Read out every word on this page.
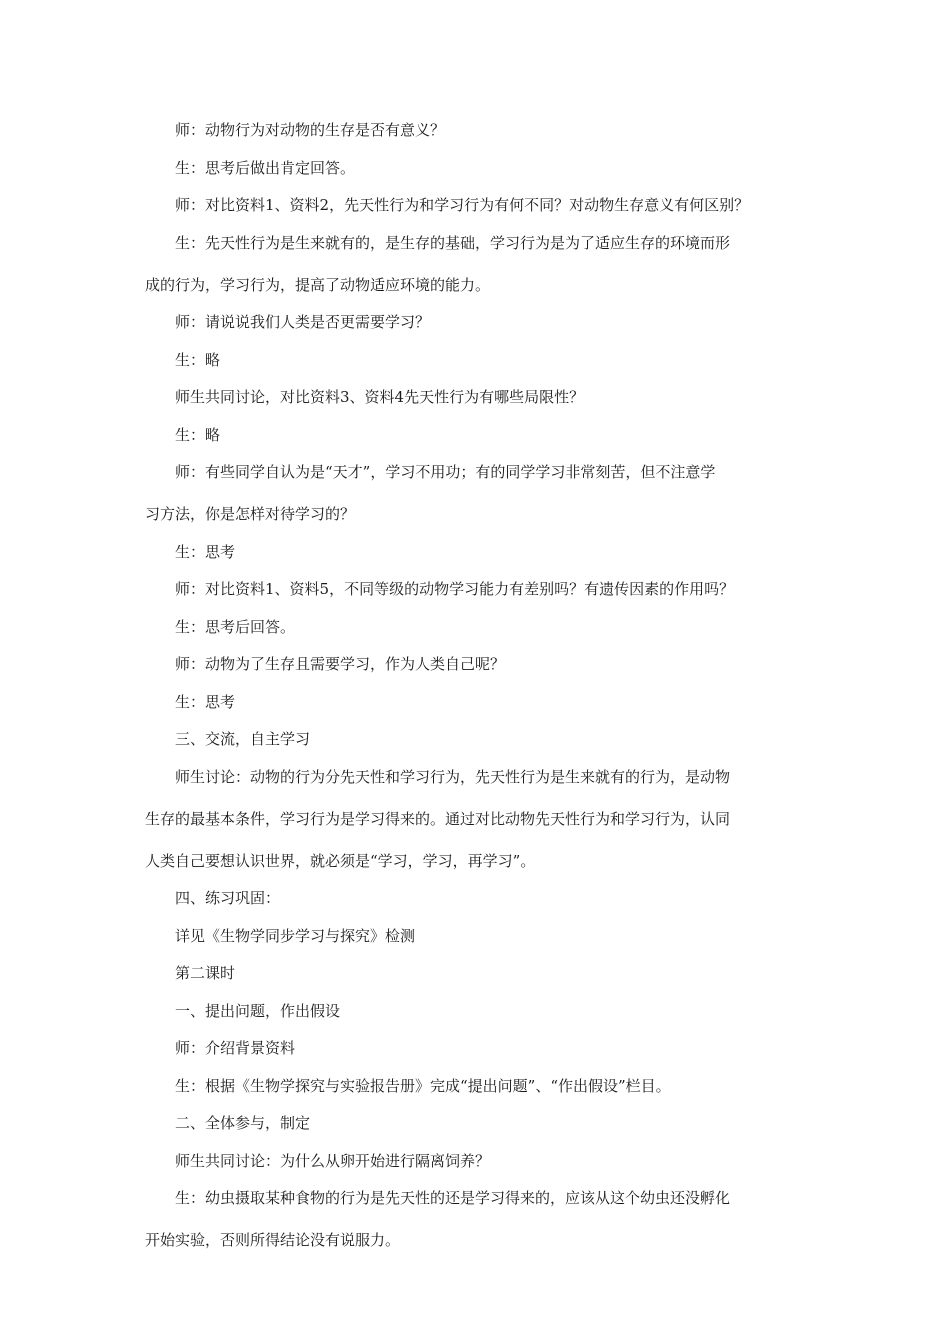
师：动物行为对动物的生存是否有意义？

生：思考后做出肯定回答。

师：对比资料1、资料2，先天性行为和学习行为有何不同？对动物生存意义有何区别？

生：先天性行为是生来就有的，是生存的基础，学习行为是为了适应生存的环境而形

成的行为，学习行为，提高了动物适应环境的能力。

师：请说说我们人类是否更需要学习？

生：略

师生共同讨论，对比资料3、资料4先天性行为有哪些局限性？

生：略

师：有些同学自认为是“天才”，学习不用功；有的同学学习非常刻苦，但不注意学

习方法，你是怎样对待学习的？

生：思考

师：对比资料1、资料5，不同等级的动物学习能力有差别吗？有遗传因素的作用吗？

生：思考后回答。

师：动物为了生存且需要学习，作为人类自己呢？

生：思考

三、交流，自主学习

师生讨论：动物的行为分先天性和学习行为，先天性行为是生来就有的行为，是动物

生存的最基本条件，学习行为是学习得来的。通过对比动物先天性行为和学习行为，认同

人类自己要想认识世界，就必须是“学习，学习，再学习”。

四、练习巩固：

详见《生物学同步学习与探究》检测

第二课时

一、提出问题，作出假设

师：介绍背景资料

生：根据《生物学探究与实验报告册》完成“提出问题”、“作出假设”栏目。

二、全体参与，制定

师生共同讨论：为什么从卵开始进行隔离饲养？

生：幼虫摄取某种食物的行为是先天性的还是学习得来的，应该从这个幼虫还没孵化

开始实验，否则所得结论没有说服力。
